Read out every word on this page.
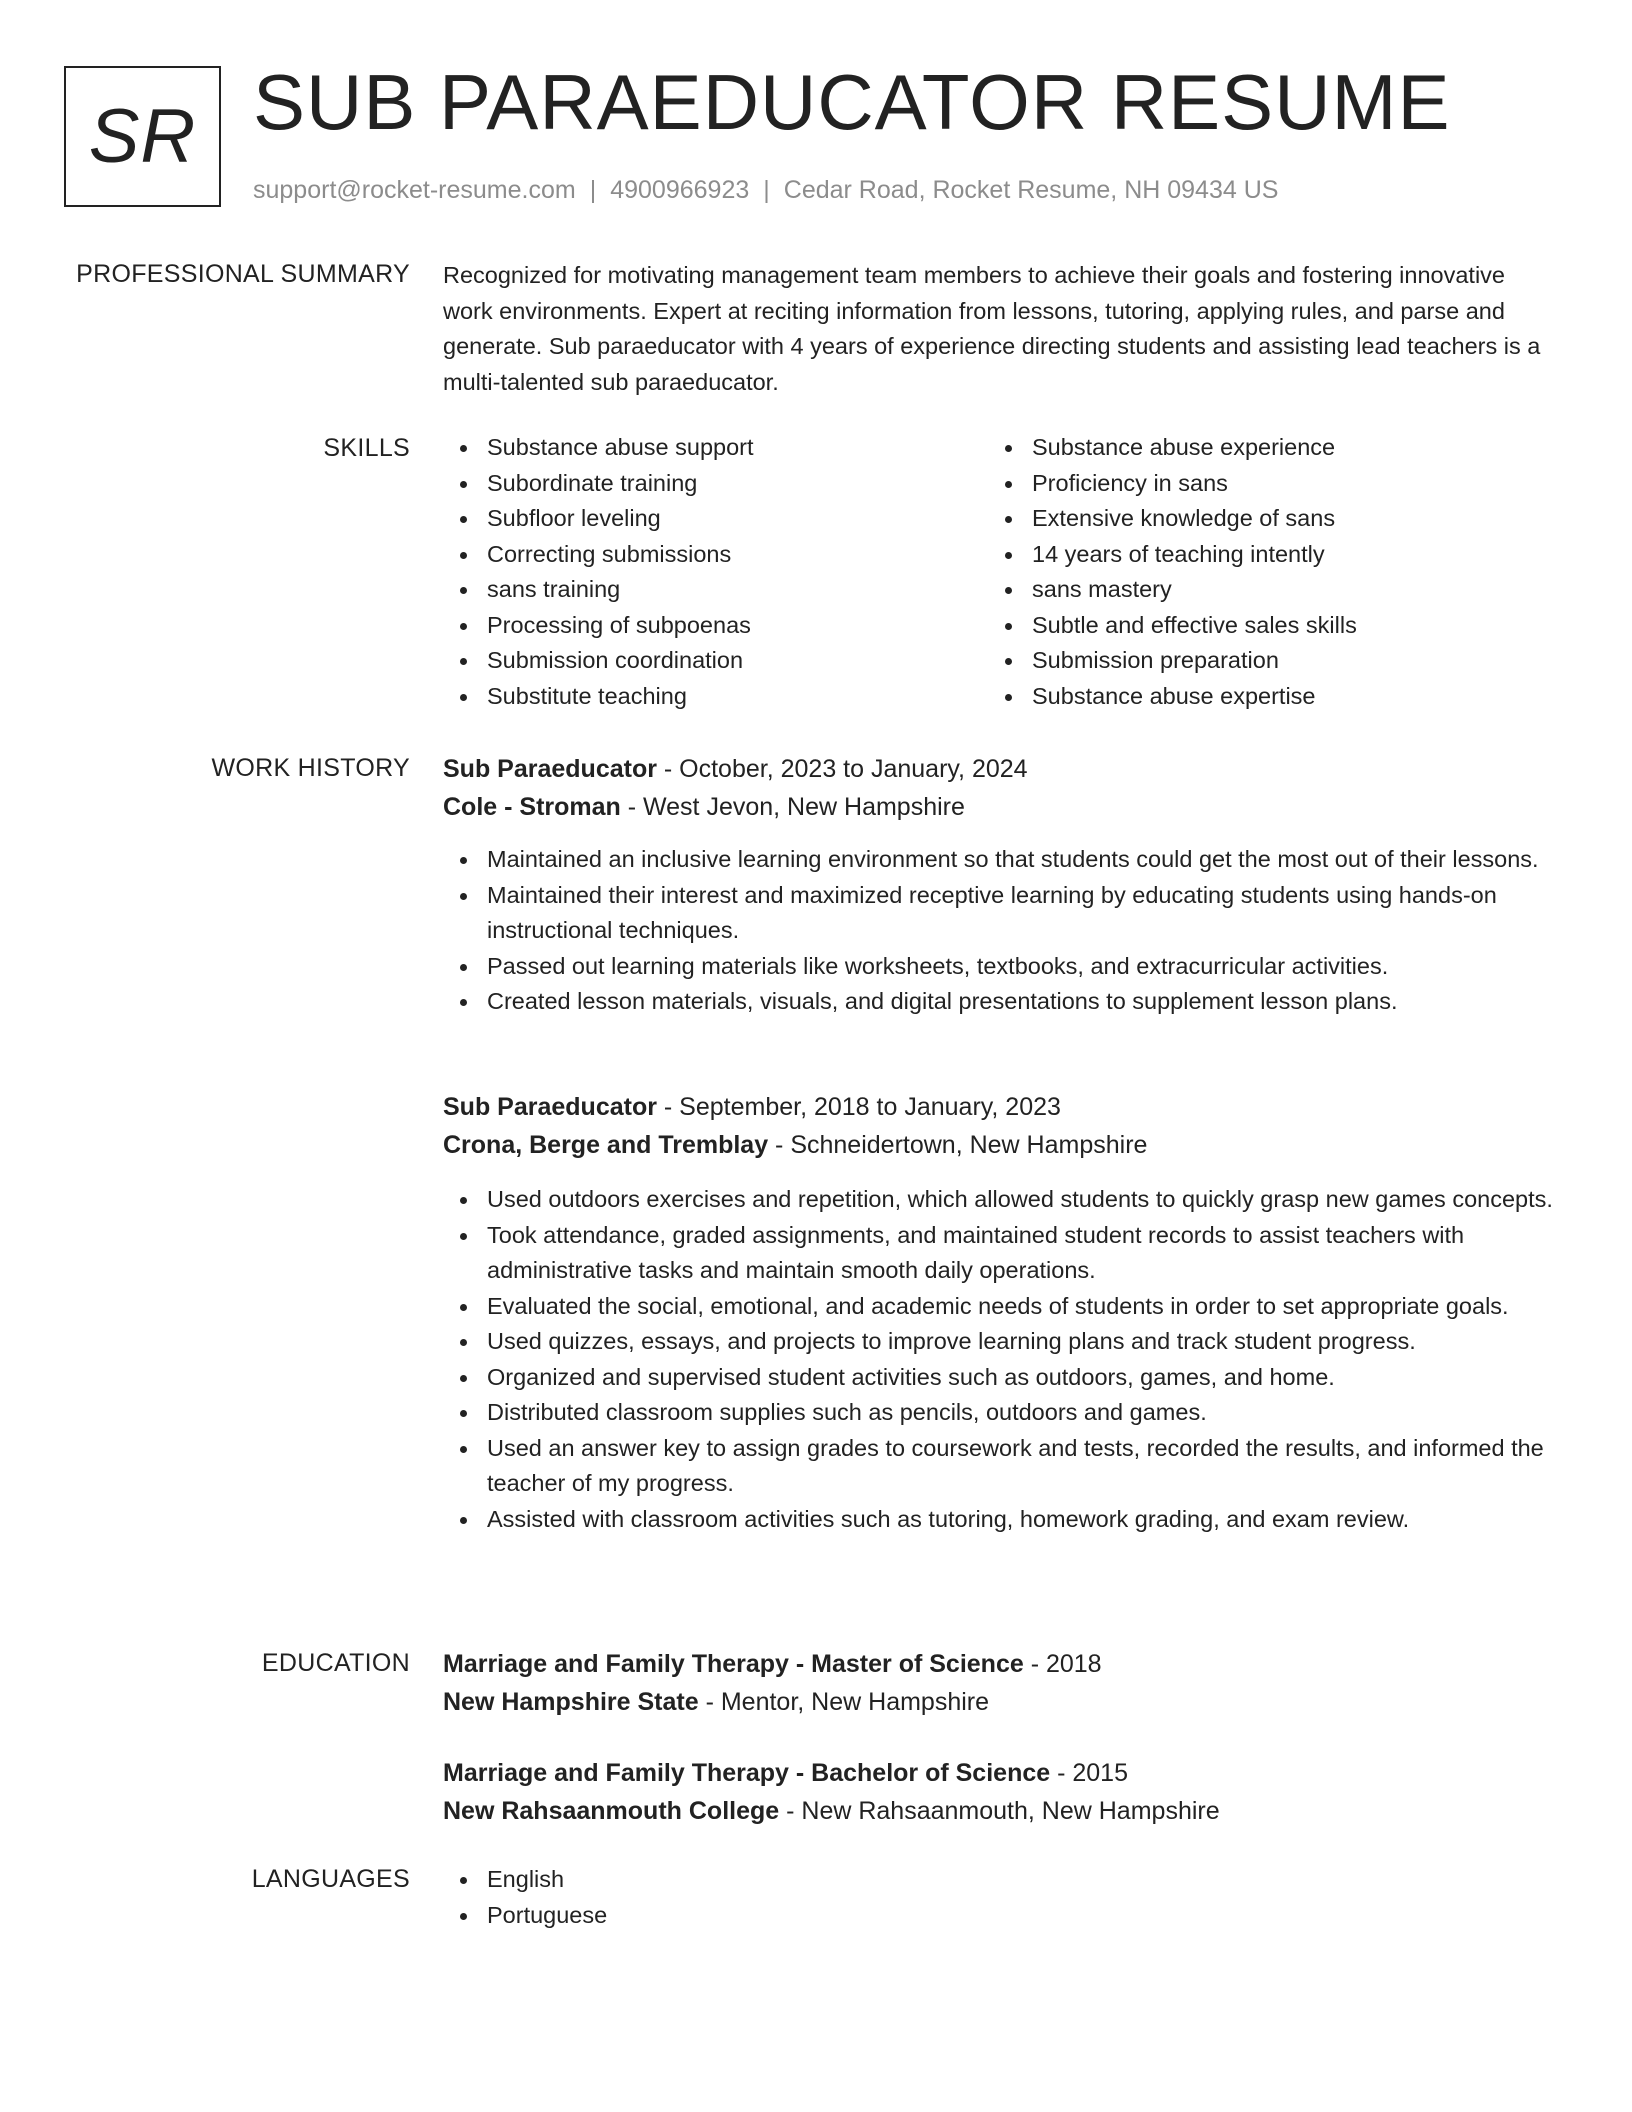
SR SUB PARAEDUCATOR RESUME
support@rocket-resume.com | 4900966923 | Cedar Road, Rocket Resume, NH 09434 US
PROFESSIONAL SUMMARY Recognized for motivating management team members to achieve their goals and fostering innovative work environments. Expert at reciting information from lessons, tutoring, applying rules, and parse and generate. Sub paraeducator with 4 years of experience directing students and assisting lead teachers is a multi-talented sub paraeducator.

SKILLS	Substance abuse support
Subordinate training
Subfloor leveling
Correcting submissions
sans training
Processing of subpoenas
Submission coordination
Substitute teaching
Substance abuse experience
Proficiency in sans
Extensive knowledge of sans
14 years of teaching intently
sans mastery
Subtle and effective sales skills
Submission preparation
Substance abuse expertise
WORK HISTORY Sub Paraeducator - October, 2023 to January, 2024
Cole - Stroman - West Jevon, New Hampshire
Maintained an inclusive learning environment so that students could get the most out of their lessons.
Maintained their interest and maximized receptive learning by educating students using hands-on instructional techniques.
Passed out learning materials like worksheets, textbooks, and extracurricular activities.
Created lesson materials, visuals, and digital presentations to supplement lesson plans.
Sub Paraeducator - September, 2018 to January, 2023
Crona, Berge and Tremblay - Schneidertown, New Hampshire
Used outdoors exercises and repetition, which allowed students to quickly grasp new games concepts.
Took attendance, graded assignments, and maintained student records to assist teachers with administrative tasks and maintain smooth daily operations.
Evaluated the social, emotional, and academic needs of students in order to set appropriate goals.
Used quizzes, essays, and projects to improve learning plans and track student progress.
Organized and supervised student activities such as outdoors, games, and home.
Distributed classroom supplies such as pencils, outdoors and games.
Used an answer key to assign grades to coursework and tests, recorded the results, and informed the teacher of my progress.
Assisted with classroom activities such as tutoring, homework grading, and exam review.
EDUCATION Marriage and Family Therapy - Master of Science - 2018
New Hampshire State - Mentor, New Hampshire
Marriage and Family Therapy - Bachelor of Science - 2015
New Rahsaanmouth College - New Rahsaanmouth, New Hampshire
LANGUAGES	English
Portuguese
